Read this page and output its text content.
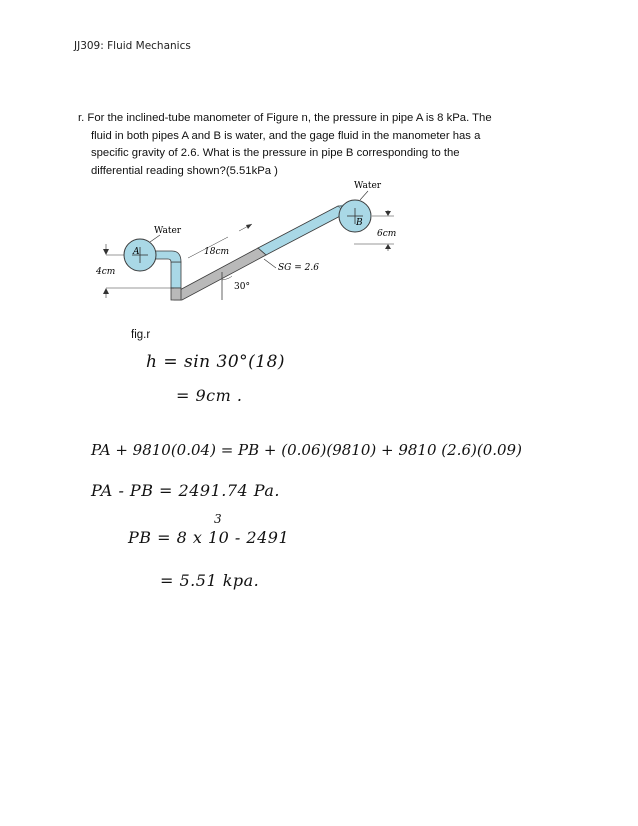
JJ309: Fluid Mechanics
r. For the inclined-tube manometer of Figure n, the pressure in pipe A is 8 kPa. The
fluid in both pipes A and B is water, and the gage fluid in the manometer has a
specific gravity of 2.6. What is the pressure in pipe B corresponding to the
differential reading shown?(5.51kPa )
A
B
Water
Water
18cm
4cm
6cm
SG = 2.6
30°
fig.r
h = sin 30°(18)
= 9cm .
PA + 9810(0.04) = PB + (0.06)(9810) + 9810 (2.6)(0.09)
PA - PB = 2491.74 Pa.
PB = 8 x 10 - 2491
3
= 5.51 kpa.
